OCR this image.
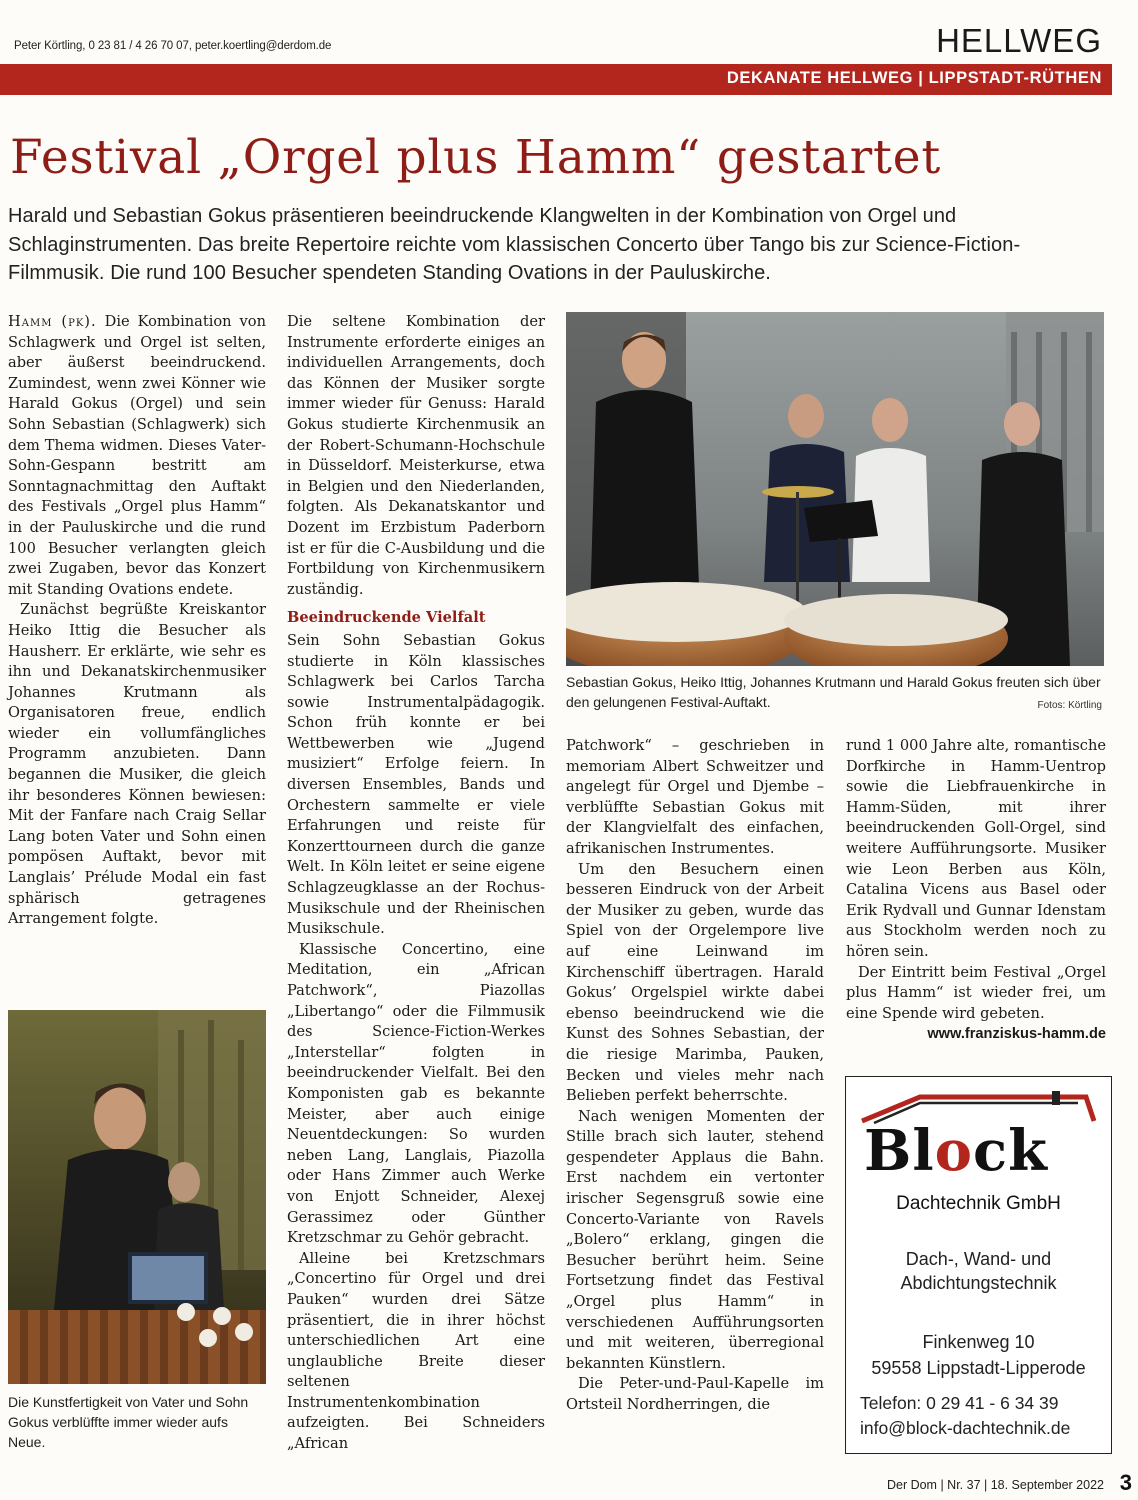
Peter Körtling, 0 23 81 / 4 26 70 07, peter.koertling@derdom.de	HELLWEG
DEKANATE HELLWEG | LIPPSTADT-RÜTHEN
Festival „Orgel plus Hamm“ gestartet
Harald und Sebastian Gokus präsentieren beeindruckende Klangwelten in der Kombination von Orgel und Schlaginstrumenten. Das breite Repertoire reichte vom klassischen Concerto über Tango bis zur Science-Fiction-Filmmusik. Die rund 100 Besucher spendeten Standing Ovations in der Pauluskirche.

Hamm (pk). Die Kombination von Schlagwerk und Orgel ist selten, aber äußerst beeindruckend. Zumindest, wenn zwei Könner wie Harald Gokus (Orgel) und sein Sohn Sebastian (Schlagwerk) sich dem Thema widmen. Dieses Vater-Sohn-Gespann bestritt am Sonntagnachmittag den Auftakt des Festivals „Orgel plus Hamm“ in der Pauluskirche und die rund 100 Besucher verlangten gleich zwei Zugaben, bevor das Konzert mit Standing Ovations endete.

Zunächst begrüßte Kreiskantor Heiko Ittig die Besucher als Hausherr. Er erklärte, wie sehr es ihn und Dekanatskirchenmusiker Johannes Krutmann als Organisatoren freue, endlich wieder ein vollumfängliches Programm anzubieten. Dann begannen die Musiker, die gleich ihr besonderes Können bewiesen: Mit der Fanfare nach Craig Sellar Lang boten Vater und Sohn einen pompösen Auftakt, bevor mit Langlais’ Prélude Modal ein fast sphärisch getragenes Arrangement folgte.

Die Kunstfertigkeit von Vater und Sohn Gokus verblüffte immer wieder aufs Neue.

Die seltene Kombination der Instrumente erforderte einiges an individuellen Arrangements, doch das Können der Musiker sorgte immer wieder für Genuss: Harald Gokus studierte Kirchenmusik an der Robert-Schumann-Hochschule in Düsseldorf. Meisterkurse, etwa in Belgien und den Niederlanden, folgten. Als Dekanatskantor und Dozent im Erzbistum Paderborn ist er für die C-Ausbildung und die Fortbildung von Kirchenmusikern zuständig.

Beeindruckende Vielfalt

Sein Sohn Sebastian Gokus studierte in Köln klassisches Schlagwerk bei Carlos Tarcha sowie Instrumentalpädagogik. Schon früh konnte er bei Wettbewerben wie „Jugend musiziert“ Erfolge feiern. In diversen Ensembles, Bands und Orchestern sammelte er viele Erfahrungen und reiste für Konzerttourneen durch die ganze Welt. In Köln leitet er seine eigene Schlagzeugklasse an der Rochus-Musikschule und der Rheinischen Musikschule.

Klassische Concertino, eine Meditation, ein „African Patchwork“, Piazollas „Libertango“ oder die Filmmusik des Science-Fiction-Werkes „Interstellar“ folgten in beeindruckender Vielfalt. Bei den Komponisten gab es bekannte Meister, aber auch einige Neuentdeckungen: So wurden neben Lang, Langlais, Piazolla oder Hans Zimmer auch Werke von Enjott Schneider, Alexej Gerassimez oder Günther Kretzschmar zu Gehör gebracht.

Alleine bei Kretzschmars „Concertino für Orgel und drei Pauken“ wurden drei Sätze präsentiert, die in ihrer höchst unterschiedlichen Art eine unglaubliche Breite dieser seltenen Instrumentenkombination aufzeigten. Bei Schneiders „African

Sebastian Gokus, Heiko Ittig, Johannes Krutmann und Harald Gokus freuten sich über den gelungenen Festival-Auftakt.	Fotos: Körtling

Patchwork“ – geschrieben in memoriam Albert Schweitzer und angelegt für Orgel und Djembe – verblüffte Sebastian Gokus mit der Klangvielfalt des einfachen, afrikanischen Instrumentes.

Um den Besuchern einen besseren Eindruck von der Arbeit der Musiker zu geben, wurde das Spiel von der Orgelempore live auf eine Leinwand im Kirchenschiff übertragen. Harald Gokus’ Orgelspiel wirkte dabei ebenso beeindruckend wie die Kunst des Sohnes Sebastian, der die riesige Marimba, Pauken, Becken und vieles mehr nach Belieben perfekt beherrschte.

Nach wenigen Momenten der Stille brach sich lauter, stehend gespendeter Applaus die Bahn. Erst nachdem ein vertonter irischer Segensgruß sowie eine Concerto-Variante von Ravels „Bolero“ erklang, gingen die Besucher berührt heim. Seine Fortsetzung findet das Festival „Orgel plus Hamm“ in verschiedenen Aufführungsorten und mit weiteren, überregional bekannten Künstlern.

Die Peter-und-Paul-Kapelle im Ortsteil Nordherringen, die

rund 1 000 Jahre alte, romantische Dorfkirche in Hamm-Uentrop sowie die Liebfrauenkirche in Hamm-Süden, mit ihrer beeindruckenden Goll-Orgel, sind weitere Aufführungsorte. Musiker wie Leon Berben aus Köln, Catalina Vicens aus Basel oder Erik Rydvall und Gunnar Idenstam aus Stockholm werden noch zu hören sein.

Der Eintritt beim Festival „Orgel plus Hamm“ ist wieder frei, um eine Spende wird gebeten.

www.franziskus-hamm.de
Block
Dachtechnik GmbH
Dach-, Wand- und
Abdichtungstechnik
Finkenweg 10
59558 Lippstadt-Lipperode
Telefon: 0 29 41 - 6 34 39
info@block-dachtechnik.de
Der Dom | Nr. 37 | 18. September 2022 3
